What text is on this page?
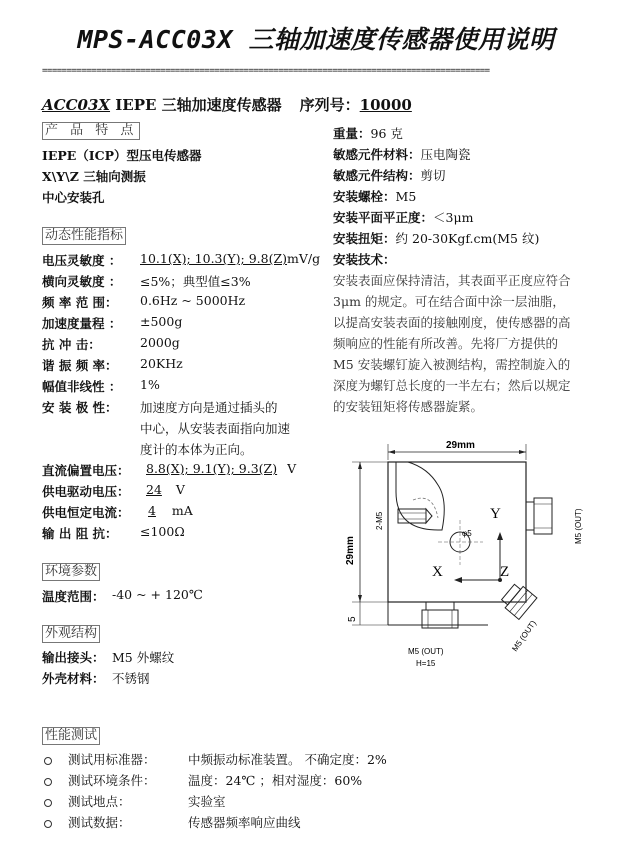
MPS-ACC03X 三轴加速度传感器使用说明
===========================================================================================
ACC03X IEPE 三轴加速度传感器 序列号：10000
产 品 特 点
IEPE（ICP）型压电传感器
X\Y\Z 三轴向测振
中心安装孔
动态性能指标
电压灵敏度 ： 10.1(X); 10.3(Y); 9.8(Z)mV/g
横向灵敏度 ： ≤5%；典型值≤3%
频 率 范 围： 0.6Hz ~ 5000Hz
加速度量程 ： ±500g
抗 冲 击：	2000g
谐 振 频 率： 20KHz
幅值非线性 ： 1%
安 装 极 性： 加速度方向是通过插头的
中心，从安装表面指向加速
度计的本体为正向。
直流偏置电压：	8.8(X); 9.1(Y); 9.3(Z) V
供电驱动电压：	24 V
供电恒定电流：	4 mA
输 出 阻 抗： ≤100Ω
环境参数
温度范围： -40 ~ + 120℃
外观结构
输出接头： M5 外螺纹
外壳材料： 不锈钢
重量：96 克
敏感元件材料：压电陶瓷
敏感元件结构：剪切
安装螺栓：M5
安装平面平正度：＜3μm
安装扭矩：约 20-30Kgf.cm(M5 纹)
安装技术：
安装表面应保持清洁，其表面平正度应符合
3μm 的规定。可在结合面中涂一层油脂，
以提高安装表面的接触刚度，使传感器的高
频响应的性能有所改善。先将厂方提供的
M5 安装螺钉旋入被测结构，需控制旋入的
深度为螺钉总长度的一半左右；然后以规定
的安装钮矩将传感器旋紧。
29mm
29mm
5
2-M5
φ5
Y
X	Z
M5 (OUT)
M5 (OUT)
H=15
M5 (OUT)
性能测试
测试用标准器：	中频振动标准装置。 不确定度：2%
测试环境条件：	温度：24℃ ；相对湿度：60%
测试地点：	实验室
测试数据：	传感器频率响应曲线
